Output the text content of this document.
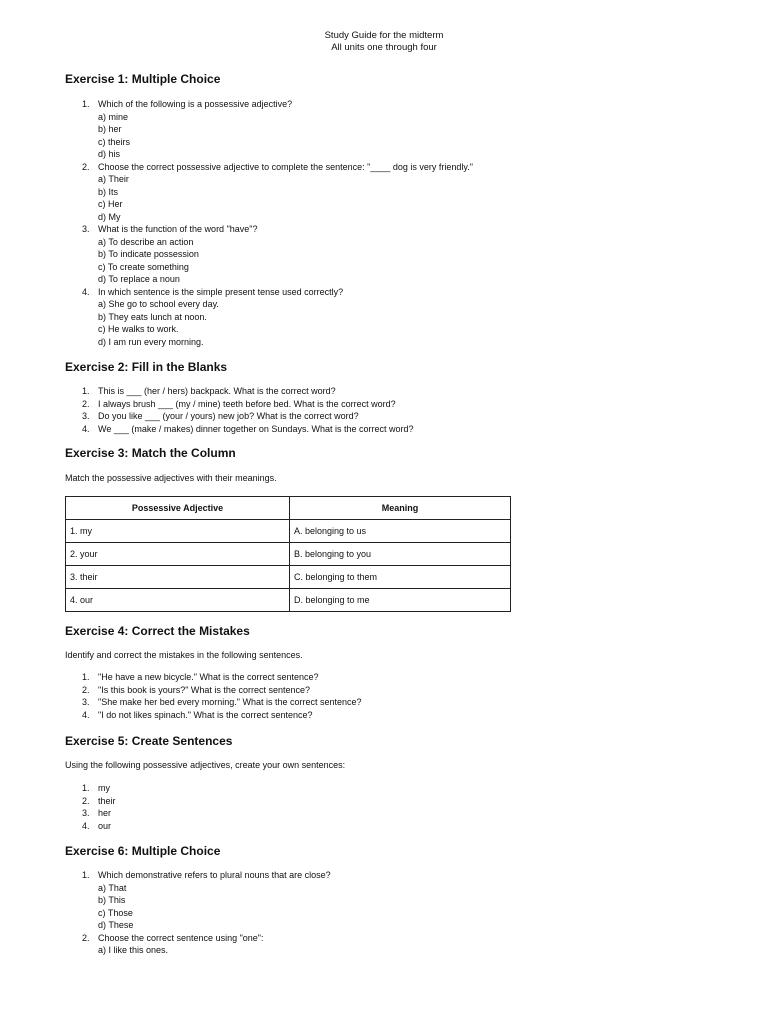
Study Guide for the midterm
All units one through four
Exercise 1: Multiple Choice
1. Which of the following is a possessive adjective?
a) mine
b) her
c) theirs
d) his
2. Choose the correct possessive adjective to complete the sentence: "____ dog is very friendly."
a) Their
b) Its
c) Her
d) My
3. What is the function of the word "have"?
a) To describe an action
b) To indicate possession
c) To create something
d) To replace a noun
4. In which sentence is the simple present tense used correctly?
a) She go to school every day.
b) They eats lunch at noon.
c) He walks to work.
d) I am run every morning.
Exercise 2: Fill in the Blanks
1. This is ___ (her / hers) backpack. What is the correct word?
2. I always brush ___ (my / mine) teeth before bed. What is the correct word?
3. Do you like ___ (your / yours) new job? What is the correct word?
4. We ___ (make / makes) dinner together on Sundays. What is the correct word?
Exercise 3: Match the Column
Match the possessive adjectives with their meanings.
Possessive Adjective	Meaning
1. my	A. belonging to us
2. your	B. belonging to you
3. their	C. belonging to them
4. our	D. belonging to me
Exercise 4: Correct the Mistakes
Identify and correct the mistakes in the following sentences.
1. "He have a new bicycle." What is the correct sentence?
2. "Is this book is yours?" What is the correct sentence?
3. "She make her bed every morning." What is the correct sentence?
4. "I do not likes spinach." What is the correct sentence?
Exercise 5: Create Sentences
Using the following possessive adjectives, create your own sentences:
1. my
2. their
3. her
4. our
Exercise 6: Multiple Choice
1. Which demonstrative refers to plural nouns that are close?
a) That
b) This
c) Those
d) These
2. Choose the correct sentence using "one":
a) I like this ones.
